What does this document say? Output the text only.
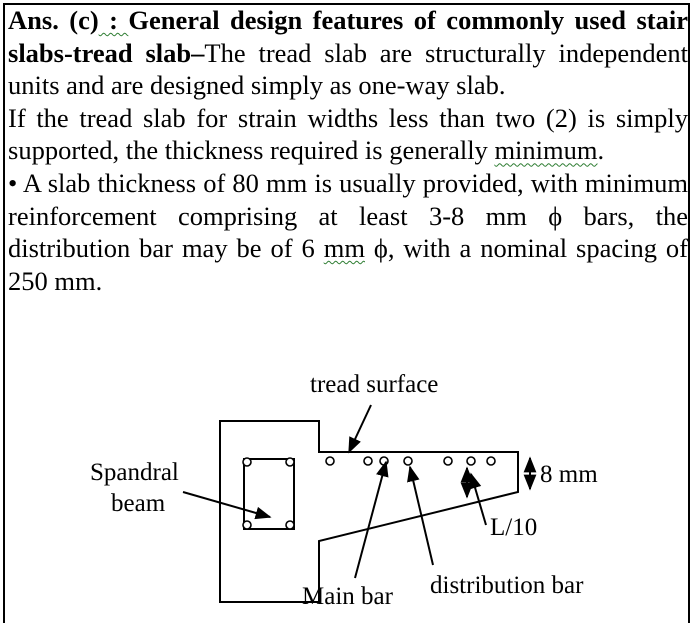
Ans. (c) : General design features of commonly used stair slabs-tread slab–The tread slab are structurally independent units and are designed simply as one-way slab.

If the tread slab for strain widths less than two (2) is simply supported, the thickness required is generally minimum.

• A slab thickness of 80 mm is usually provided, with minimum reinforcement comprising at least 3-8 mm ϕ bars, the distribution bar may be of 6 mm ϕ, with a nominal spacing of 250 mm.

tread surface
Spandral
beam
8 mm
L/10
Main bar distribution bar
